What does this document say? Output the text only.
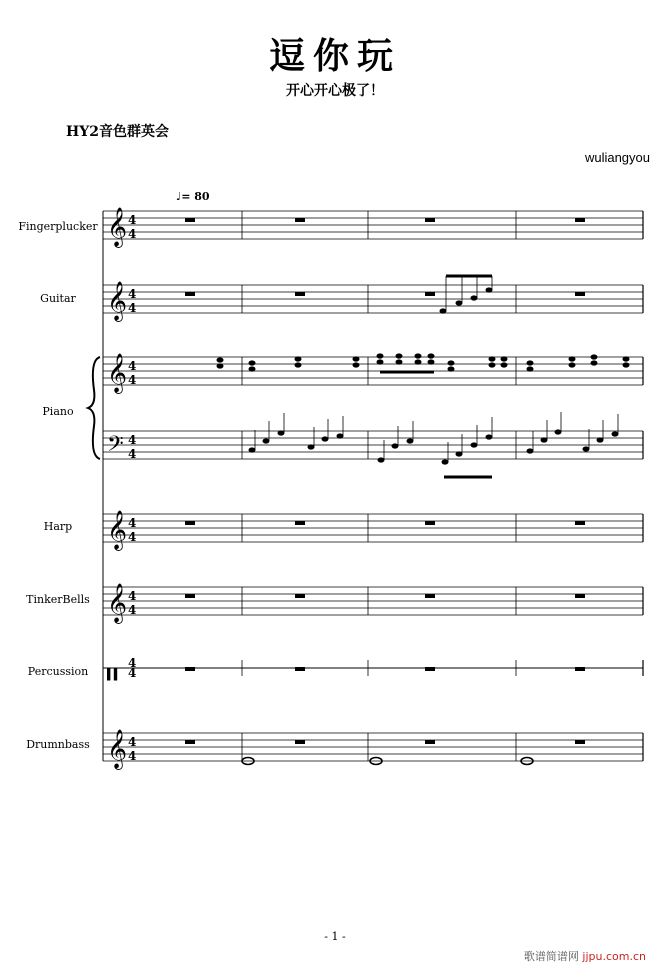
逗你玩
开心开心极了！
HY2音色群英会
wuliangyou
♩= 80
Fingerplucker
Guitar
Piano
Harp
TinkerBells
Percussion
Drumnbass
𝄞 4
4
𝄞 4
4
𝄞 4
4
𝄢 4
4
𝄞 4
4
𝄞 4
4
𝄥 4
4
𝄞 4
4
- 1 -
歌谱简谱网 jjpu.com.cn
